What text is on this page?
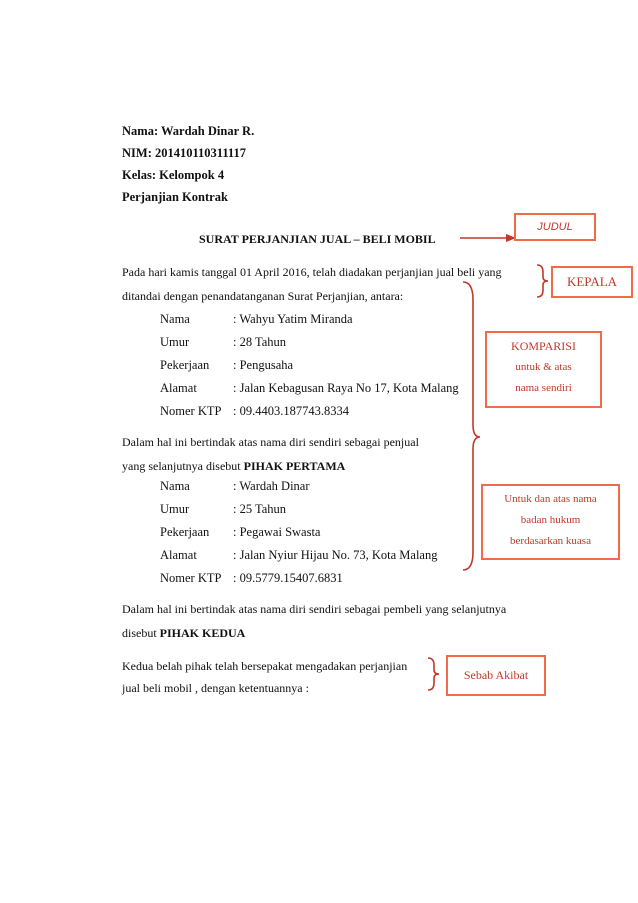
Nama: Wardah Dinar R.
NIM: 201410110311117
Kelas: Kelompok 4
Perjanjian Kontrak
SURAT PERJANJIAN JUAL – BELI MOBIL
Pada hari kamis tanggal 01 April 2016, telah diadakan perjanjian jual beli yang
ditandai dengan penandatanganan Surat Perjanjian, antara:
Nama	: Wahyu Yatim Miranda
Umur	: 28 Tahun
Pekerjaan : Pengusaha
Alamat	: Jalan Kebagusan Raya No 17, Kota Malang
Nomer KTP : 09.4403.187743.8334
Dalam hal ini bertindak atas nama diri sendiri sebagai penjual
yang selanjutnya disebut PIHAK PERTAMA
Nama	: Wardah Dinar
Umur	: 25 Tahun
Pekerjaan : Pegawai Swasta
Alamat	: Jalan Nyiur Hijau No. 73, Kota Malang
Nomer KTP : 09.5779.15407.6831
Dalam hal ini bertindak atas nama diri sendiri sebagai pembeli yang selanjutnya
disebut PIHAK KEDUA
Kedua belah pihak telah bersepakat mengadakan perjanjian
jual beli mobil , dengan ketentuannya :
JUDUL
KEPALA
KOMPARISI
untuk & atas
nama sendiri
Untuk dan atas nama
badan hukum
berdasarkan kuasa
Sebab Akibat
